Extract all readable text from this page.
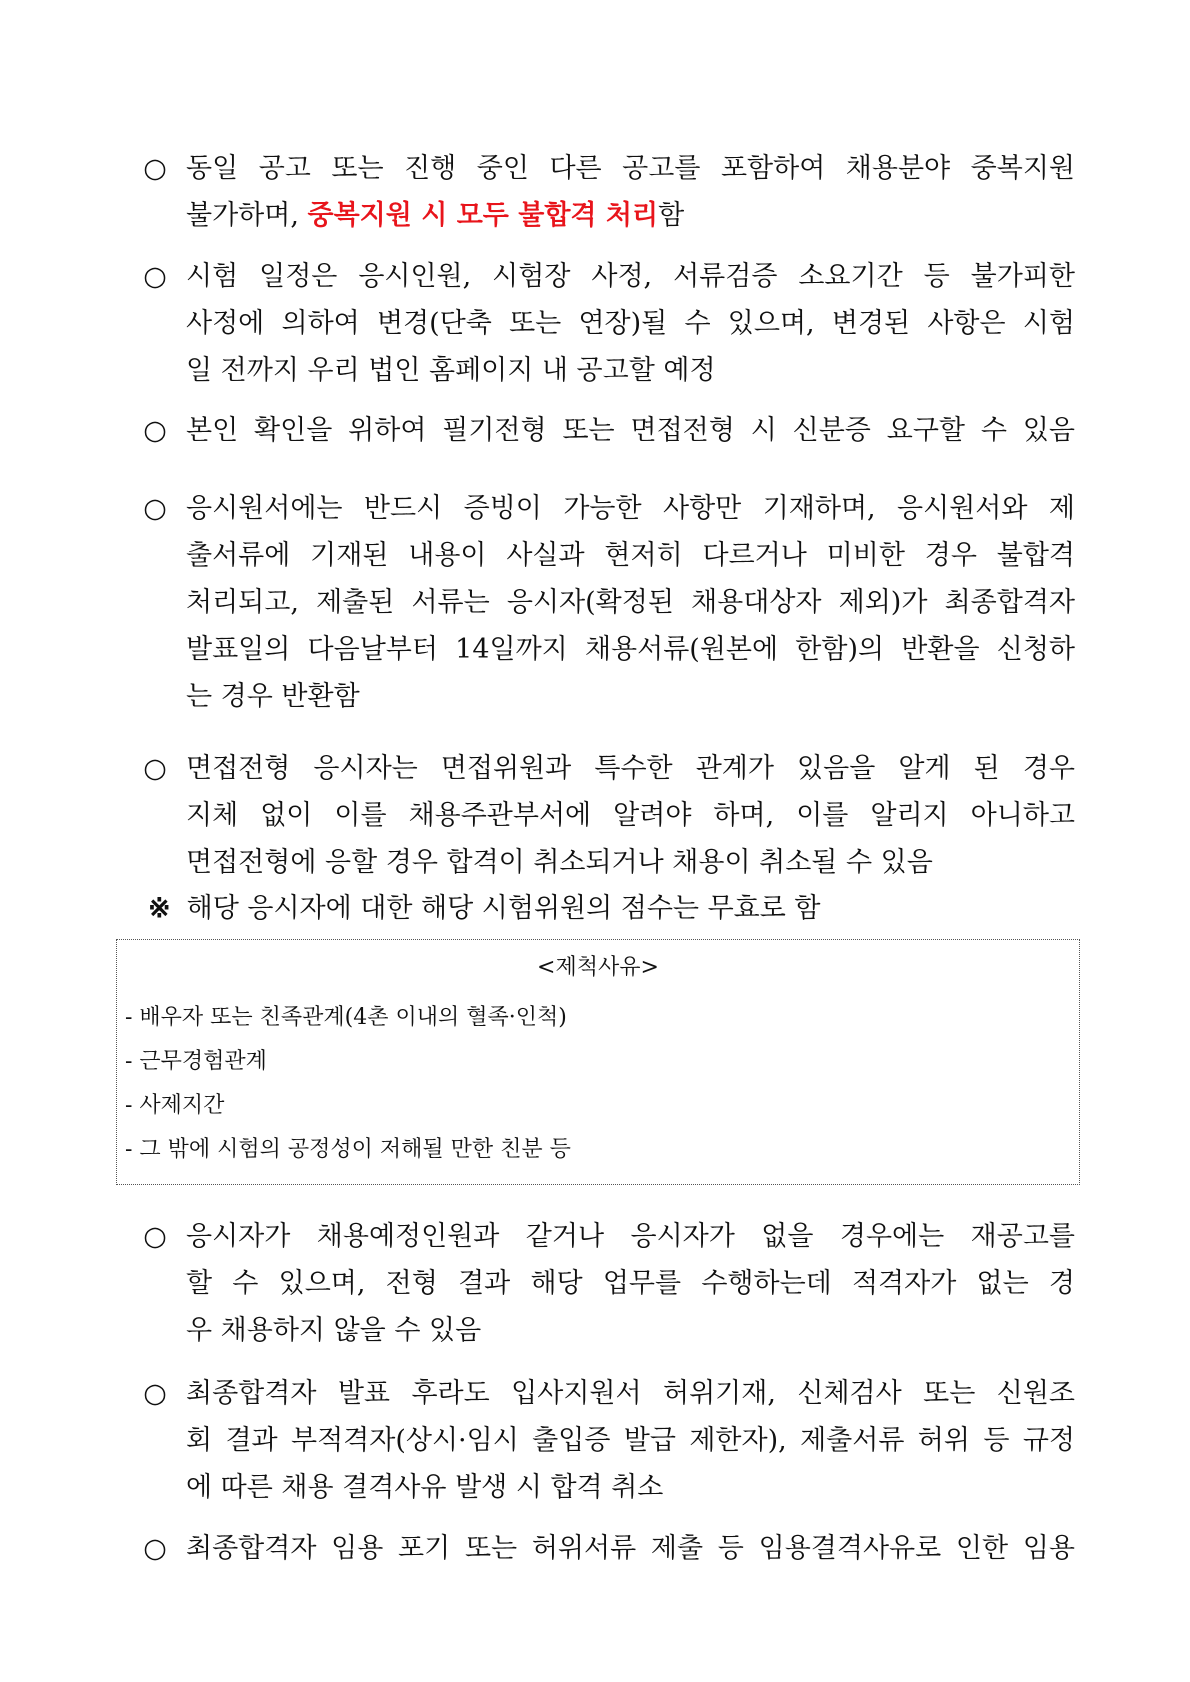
○ 동일 공고 또는 진행 중인 다른 공고를 포함하여 채용분야 중복지원
불가하며, 중복지원 시 모두 불합격 처리함
○ 시험 일정은 응시인원, 시험장 사정, 서류검증 소요기간 등 불가피한
사정에 의하여 변경(단축 또는 연장)될 수 있으며, 변경된 사항은 시험
일 전까지 우리 법인 홈페이지 내 공고할 예정
○ 본인 확인을 위하여 필기전형 또는 면접전형 시 신분증 요구할 수 있음
○ 응시원서에는 반드시 증빙이 가능한 사항만 기재하며, 응시원서와 제
출서류에 기재된 내용이 사실과 현저히 다르거나 미비한 경우 불합격
처리되고, 제출된 서류는 응시자(확정된 채용대상자 제외)가 최종합격자
발표일의 다음날부터 14일까지 채용서류(원본에 한함)의 반환을 신청하
는 경우 반환함
○ 면접전형 응시자는 면접위원과 특수한 관계가 있음을 알게 된 경우
지체 없이 이를 채용주관부서에 알려야 하며, 이를 알리지 아니하고
면접전형에 응할 경우 합격이 취소되거나 채용이 취소될 수 있음
※ 해당 응시자에 대한 해당 시험위원의 점수는 무효로 함
<제척사유>
- 배우자 또는 친족관계(4촌 이내의 혈족·인척)
- 근무경험관계
- 사제지간
- 그 밖에 시험의 공정성이 저해될 만한 친분 등
○ 응시자가 채용예정인원과 같거나 응시자가 없을 경우에는 재공고를
할 수 있으며, 전형 결과 해당 업무를 수행하는데 적격자가 없는 경
우 채용하지 않을 수 있음
○ 최종합격자 발표 후라도 입사지원서 허위기재, 신체검사 또는 신원조
회 결과 부적격자(상시·임시 출입증 발급 제한자), 제출서류 허위 등 규정
에 따른 채용 결격사유 발생 시 합격 취소
○ 최종합격자 임용 포기 또는 허위서류 제출 등 임용결격사유로 인한 임용
